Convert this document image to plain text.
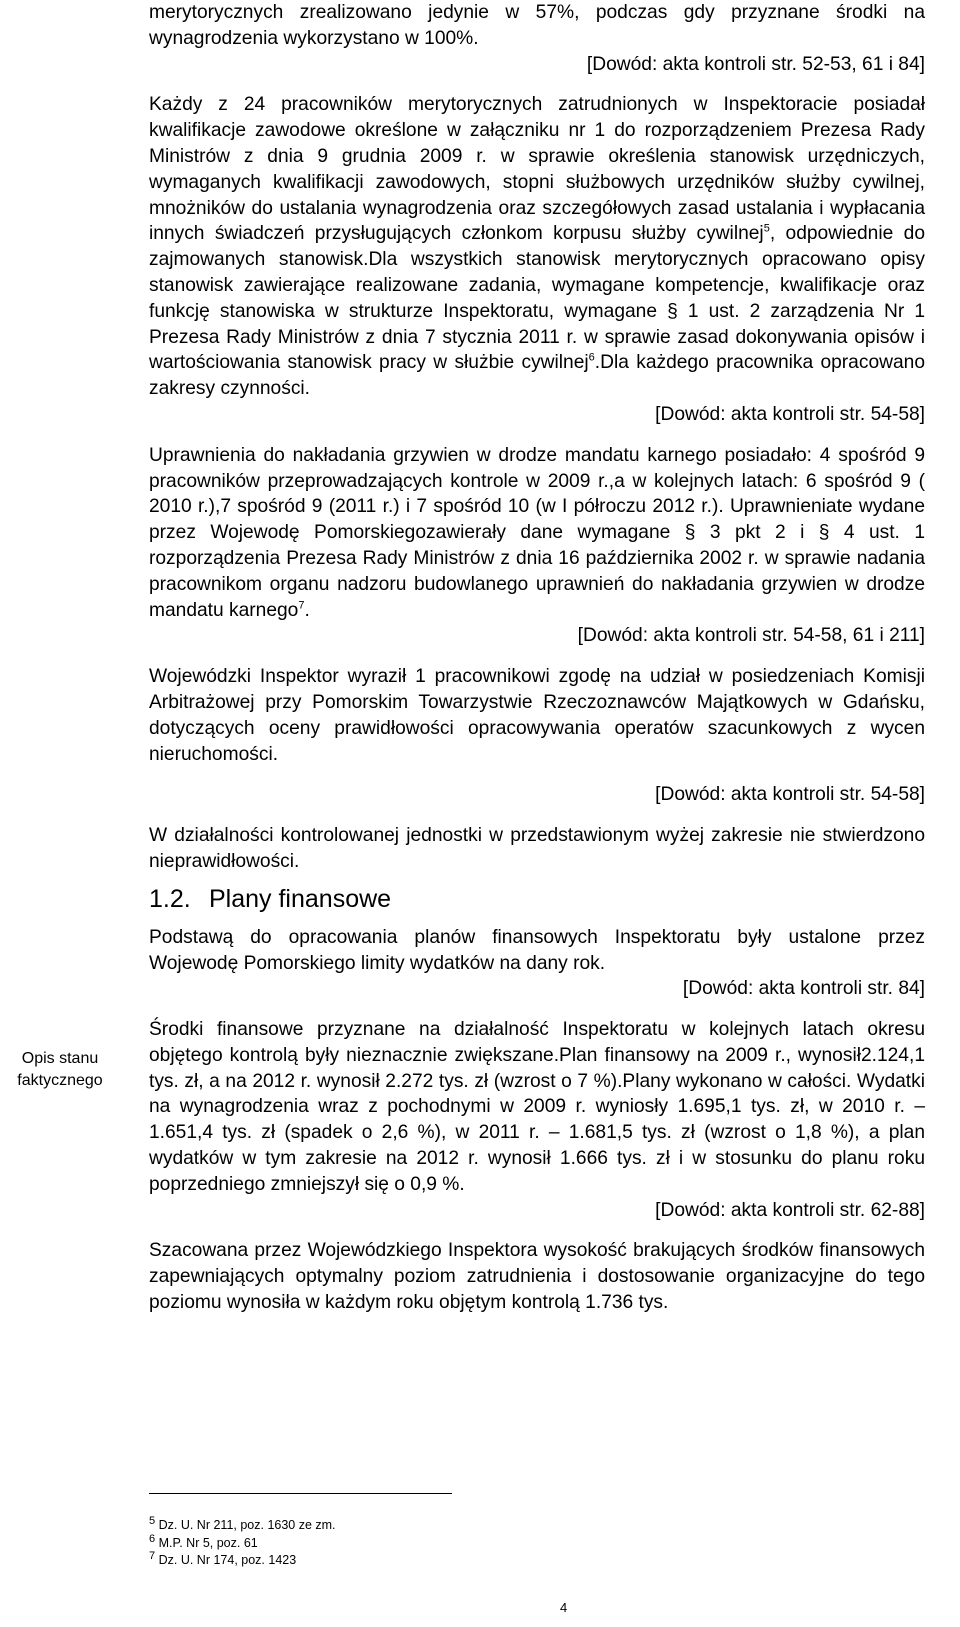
Opis stanu faktycznego

merytorycznych zrealizowano jedynie w 57%, podczas gdy przyznane środki na wynagrodzenia wykorzystano w 100%.

[Dowód: akta kontroli str. 52-53, 61 i 84]

Każdy z 24 pracowników merytorycznych zatrudnionych w Inspektoracie posiadał kwalifikacje zawodowe określone w załączniku nr 1 do rozporządzeniem Prezesa Rady Ministrów z dnia 9 grudnia 2009 r. w sprawie określenia stanowisk urzędniczych, wymaganych kwalifikacji zawodowych, stopni służbowych urzędników służby cywilnej, mnożników do ustalania wynagrodzenia oraz szczegółowych zasad ustalania i wypłacania innych świadczeń przysługujących członkom korpusu służby cywilnej$^5$, odpowiednie do zajmowanych stanowisk.Dla wszystkich stanowisk merytorycznych opracowano opisy stanowisk zawierające realizowane zadania, wymagane kompetencje, kwalifikacje oraz funkcję stanowiska w strukturze Inspektoratu, wymagane § 1 ust. 2 zarządzenia Nr 1 Prezesa Rady Ministrów z dnia 7 stycznia 2011 r. w sprawie zasad dokonywania opisów i wartościowania stanowisk pracy w służbie cywilnej$^6$.Dla każdego pracownika opracowano zakresy czynności.

[Dowód: akta kontroli str. 54-58]

Uprawnienia do nakładania grzywien w drodze mandatu karnego posiadało: 4 spośród 9 pracowników przeprowadzających kontrole w 2009 r.,a w kolejnych latach: 6 spośród 9 ( 2010 r.),7 spośród 9 (2011 r.) i 7 spośród 10 (w I półroczu 2012 r.). Uprawnieniate wydane przez Wojewodę Pomorskiegozawierały dane wymagane § 3 pkt 2 i § 4 ust. 1 rozporządzenia Prezesa Rady Ministrów z dnia 16 października 2002 r. w sprawie nadania pracownikom organu nadzoru budowlanego uprawnień do nakładania grzywien w drodze mandatu karnego$^7$.

[Dowód: akta kontroli str. 54-58, 61 i 211]

Wojewódzki Inspektor wyraził 1 pracownikowi zgodę na udział w posiedzeniach Komisji Arbitrażowej przy Pomorskim Towarzystwie Rzeczoznawców Majątkowych w Gdańsku, dotyczących oceny prawidłowości opracowywania operatów szacunkowych z wycen nieruchomości.

[Dowód: akta kontroli str. 54-58]

W działalności kontrolowanej jednostki w przedstawionym wyżej zakresie nie stwierdzono nieprawidłowości.

1.2. Plany finansowe

Podstawą do opracowania planów finansowych Inspektoratu były ustalone przez Wojewodę Pomorskiego limity wydatków na dany rok.

[Dowód: akta kontroli str. 84]

Środki finansowe przyznane na działalność Inspektoratu w kolejnych latach okresu objętego kontrolą były nieznacznie zwiększane.Plan finansowy na 2009 r., wynosił2.124,1 tys. zł, a na 2012 r. wynosił 2.272 tys. zł (wzrost o 7 %).Plany wykonano w całości. Wydatki na wynagrodzenia wraz z pochodnymi w 2009 r. wyniosły 1.695,1 tys. zł, w 2010 r. – 1.651,4 tys. zł (spadek o 2,6 %), w 2011 r. – 1.681,5 tys. zł (wzrost o 1,8 %), a plan wydatków w tym zakresie na 2012 r. wynosił 1.666 tys. zł i w stosunku do planu roku poprzedniego zmniejszył się o 0,9 %.

[Dowód: akta kontroli str. 62-88]

Szacowana przez Wojewódzkiego Inspektora wysokość brakujących środków finansowych zapewniających optymalny poziom zatrudnienia i dostosowanie organizacyjne do tego poziomu wynosiła w każdym roku objętym kontrolą 1.736 tys.

$^5$ Dz. U. Nr 211, poz. 1630 ze zm.

$^6$ M.P. Nr 5, poz. 61

$^7$ Dz. U. Nr 174, poz. 1423

4
